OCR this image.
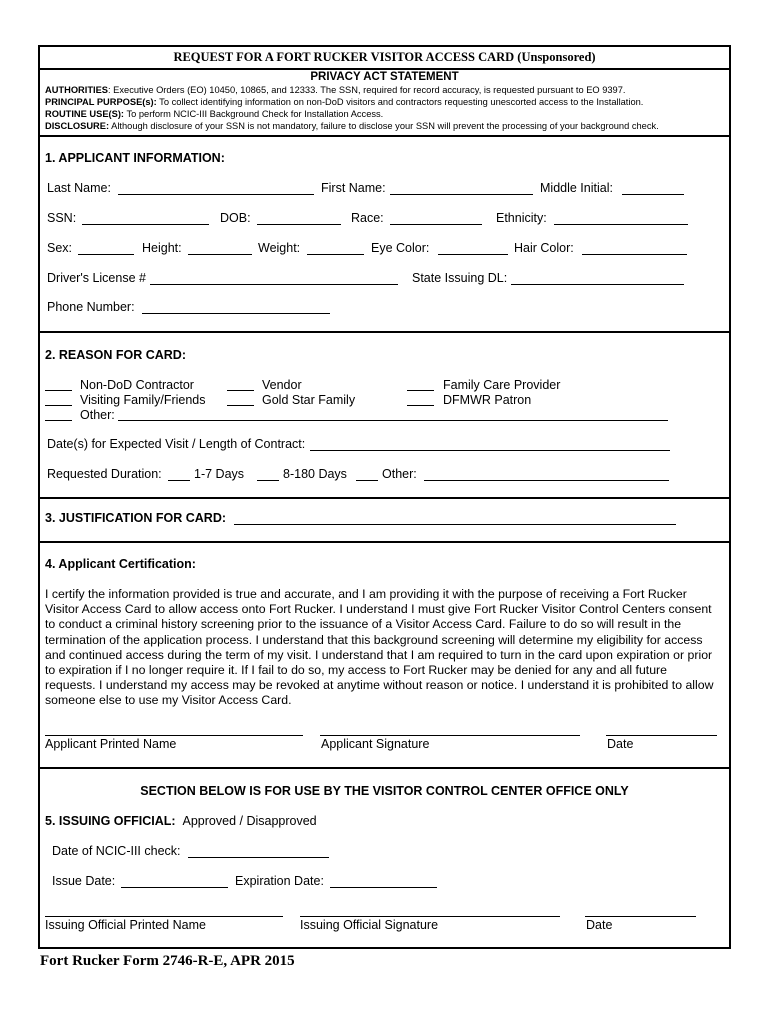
REQUEST FOR A FORT RUCKER VISITOR ACCESS CARD (Unsponsored)
PRIVACY ACT STATEMENT
AUTHORITIES: Executive Orders (EO) 10450, 10865, and 12333. The SSN, required for record accuracy, is requested pursuant to EO 9397.
PRINCIPAL PURPOSE(s): To collect identifying information on non-DoD visitors and contractors requesting unescorted access to the Installation.
ROUTINE USE(S): To perform NCIC-III Background Check for Installation Access.
DISCLOSURE: Although disclosure of your SSN is not mandatory, failure to disclose your SSN will prevent the processing of your background check.
1. APPLICANT INFORMATION:
Last Name:	First Name:	Middle Initial:
SSN:	DOB:	Race:	Ethnicity:
Sex:	Height:	Weight:	Eye Color:	Hair Color:
Driver's License #	State Issuing DL:
Phone Number:
2. REASON FOR CARD:
Non-DoD Contractor	Vendor	Family Care Provider
Visiting Family/Friends	Gold Star Family	DFMWR Patron
Other:
Date(s) for Expected Visit / Length of Contract:
Requested Duration:	1-7 Days	8-180 Days	Other:
3. JUSTIFICATION FOR CARD:
4. Applicant Certification:
I certify the information provided is true and accurate, and I am providing it with the purpose of receiving a Fort Rucker Visitor Access Card to allow access onto Fort Rucker. I understand I must give Fort Rucker Visitor Control Centers consent to conduct a criminal history screening prior to the issuance of a Visitor Access Card. Failure to do so will result in the termination of the application process. I understand that this background screening will determine my eligibility for access and continued access during the term of my visit. I understand that I am required to turn in the card upon expiration or prior to expiration if I no longer require it. If I fail to do so, my access to Fort Rucker may be denied for any and all future requests. I understand my access may be revoked at anytime without reason or notice. I understand it is prohibited to allow someone else to use my Visitor Access Card.
Applicant Printed Name	Applicant Signature	Date
SECTION BELOW IS FOR USE BY THE VISITOR CONTROL CENTER OFFICE ONLY
5. ISSUING OFFICIAL: Approved / Disapproved
Date of NCIC-III check:
Issue Date:	Expiration Date:
Issuing Official Printed Name	Issuing Official Signature	Date
Fort Rucker Form 2746-R-E, APR 2015
